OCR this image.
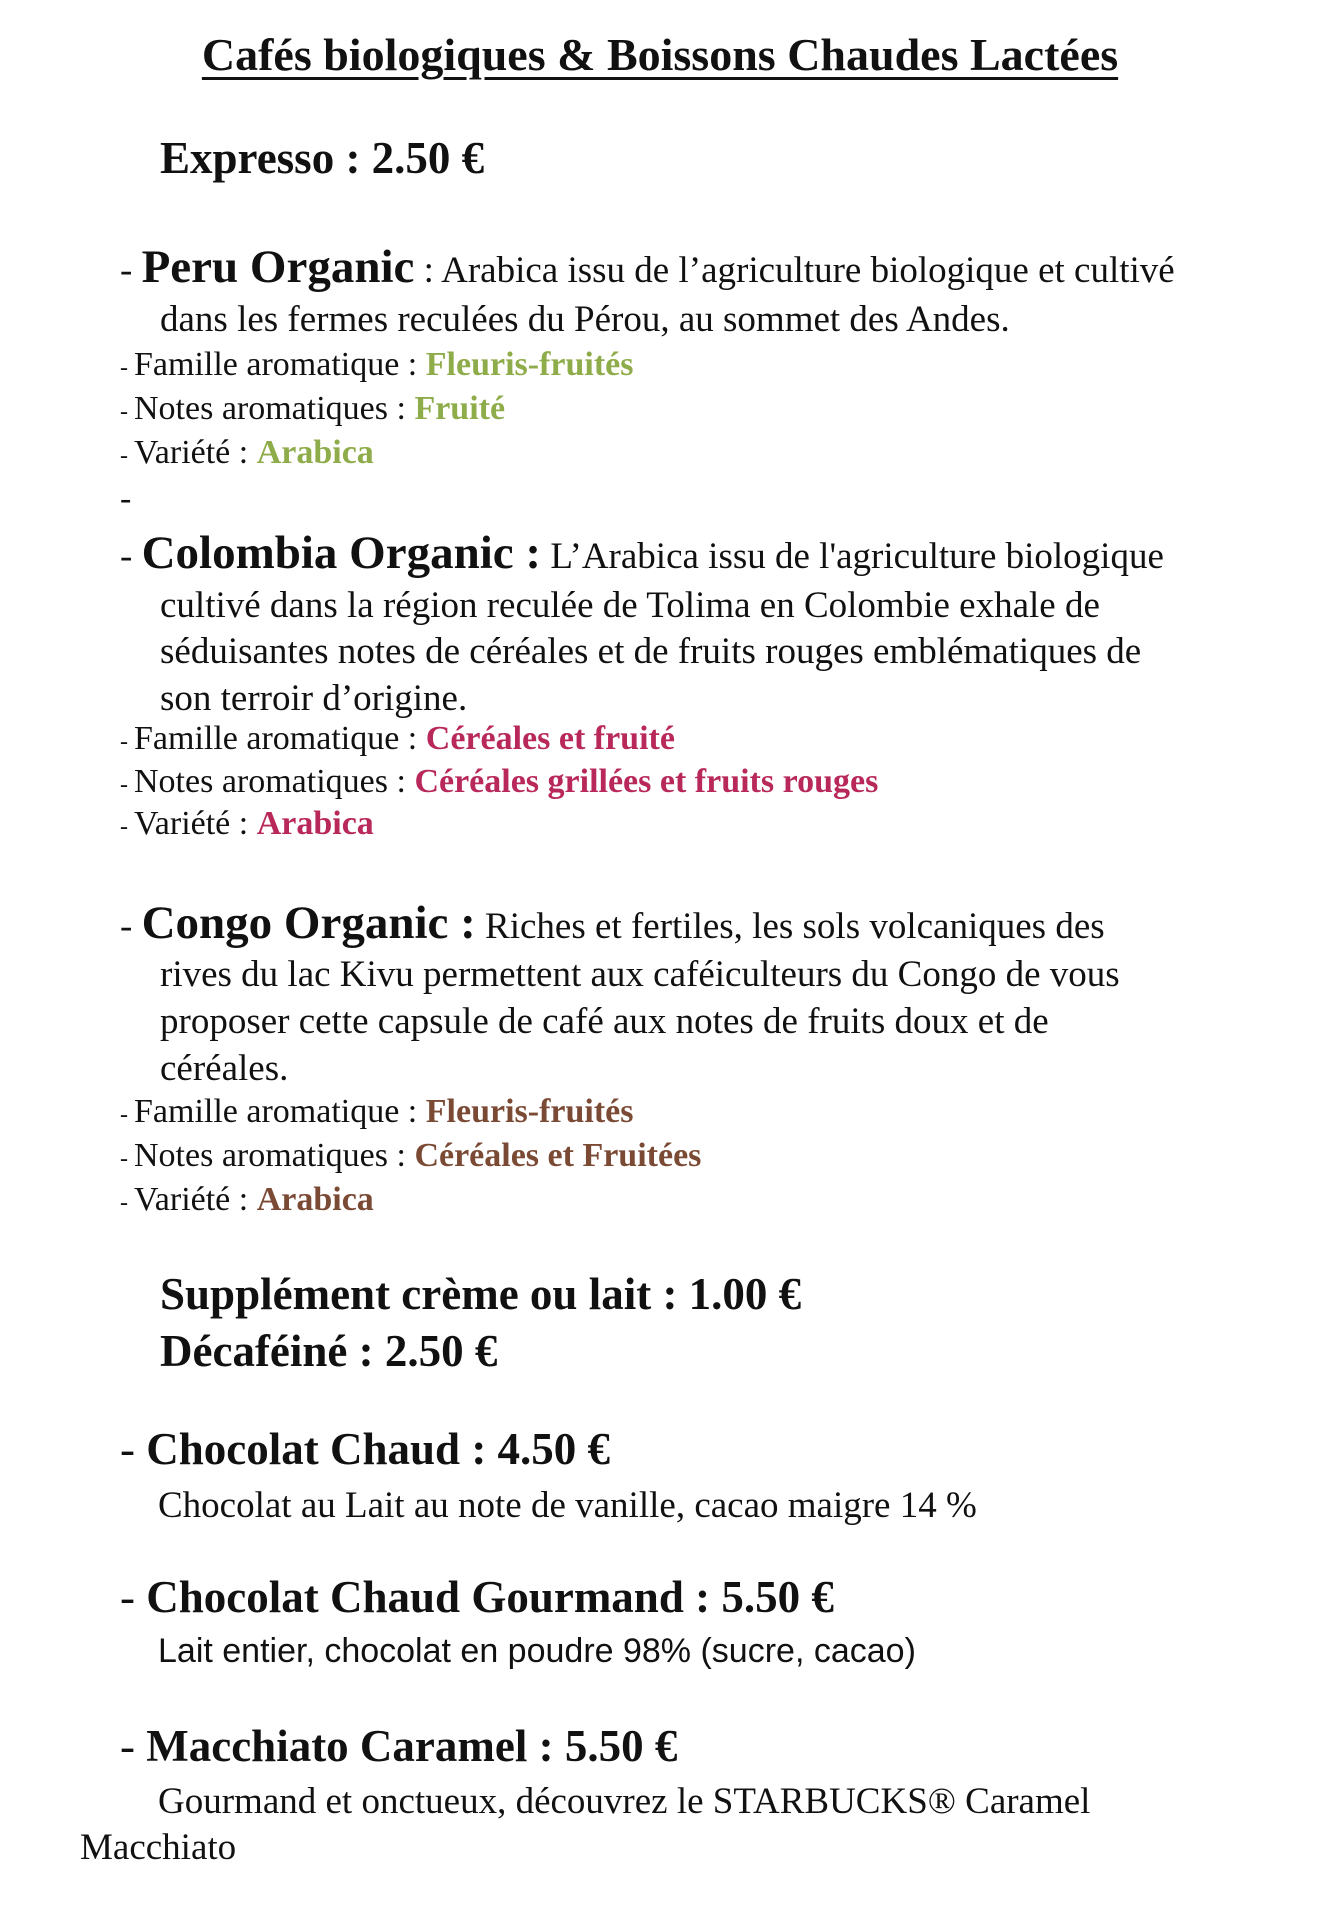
Cafés biologiques & Boissons Chaudes Lactées
Expresso : 2.50 €
- Peru Organic : Arabica issu de l’agriculture biologique et cultivé
dans les fermes reculées du Pérou, au sommet des Andes.
- Famille aromatique : Fleuris-fruités
- Notes aromatiques : Fruité
- Variété : Arabica
-
- Colombia Organic : L’Arabica issu de l'agriculture biologique
cultivé dans la région reculée de Tolima en Colombie exhale de
séduisantes notes de céréales et de fruits rouges emblématiques de
son terroir d’origine.
- Famille aromatique : Céréales et fruité
- Notes aromatiques : Céréales grillées et fruits rouges
- Variété : Arabica
- Congo Organic : Riches et fertiles, les sols volcaniques des
rives du lac Kivu permettent aux caféiculteurs du Congo de vous
proposer cette capsule de café aux notes de fruits doux et de
céréales.
- Famille aromatique : Fleuris-fruités
- Notes aromatiques : Céréales et Fruitées
- Variété : Arabica
Supplément crème ou lait : 1.00 €
Décaféiné : 2.50 €
- Chocolat Chaud : 4.50 €
Chocolat au Lait au note de vanille, cacao maigre 14 %
- Chocolat Chaud Gourmand : 5.50 €
Lait entier, chocolat en poudre 98% (sucre, cacao)
- Macchiato Caramel : 5.50 €
Gourmand et onctueux, découvrez le STARBUCKS® Caramel
Macchiato
